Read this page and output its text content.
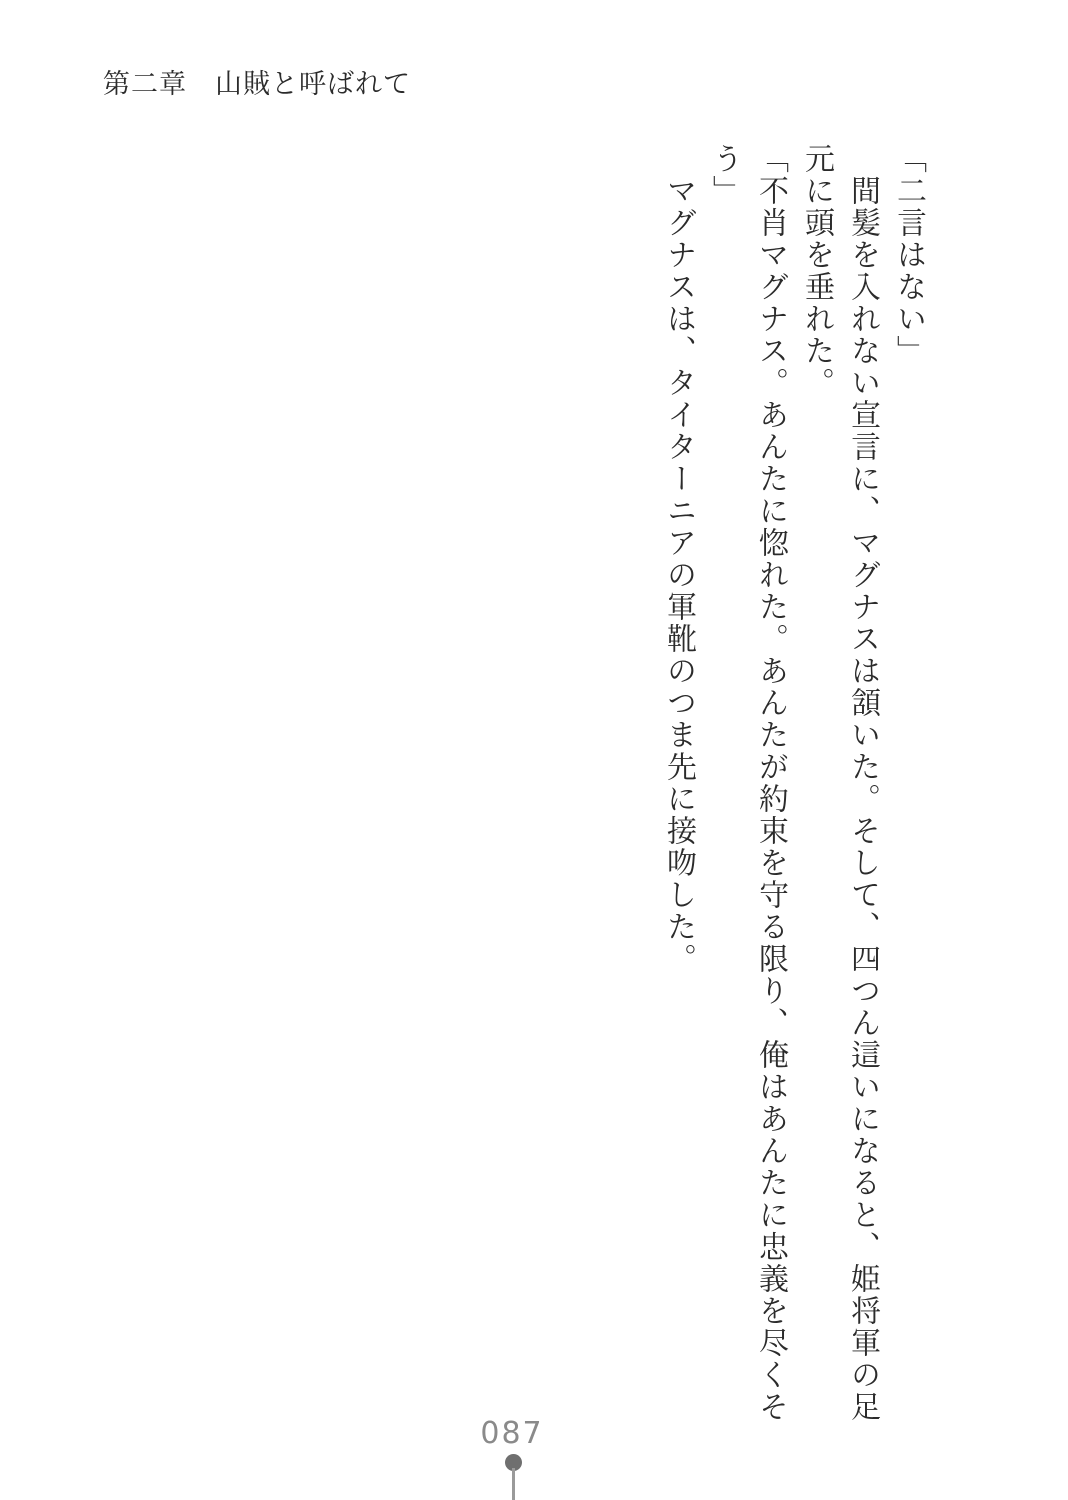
第二章　山賊と呼ばれて

「二言はない」

　間髪を入れない宣言に、マグナスは頷いた。そして、四つん這いになると、姫将軍の足元に頭を垂れた。

「不肖マグナス。あんたに惚れた。あんたが約束を守る限り、俺はあんたに忠義を尽くそう」

　マグナスは、タイターニアの軍靴のつま先に接吻した。

087
